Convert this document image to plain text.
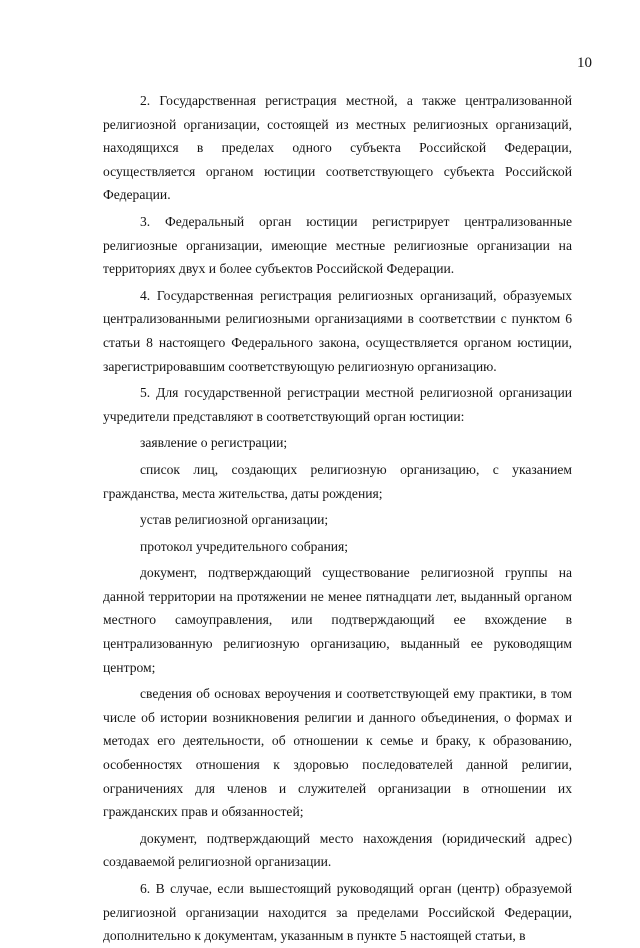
10

2. Государственная регистрация местной, а также централизованной религиозной организации, состоящей из местных религиозных организаций, находящихся в пределах одного субъекта Российской Федерации, осуществляется органом юстиции соответствующего субъекта Российской Федерации.

3. Федеральный орган юстиции регистрирует централизованные религиозные организации, имеющие местные религиозные организации на территориях двух и более субъектов Российской Федерации.

4. Государственная регистрация религиозных организаций, образуемых централизованными религиозными организациями в соответствии с пунктом 6 статьи 8 настоящего Федерального закона, осуществляется органом юстиции, зарегистрировавшим соответствующую религиозную организацию.

5. Для государственной регистрации местной религиозной организации учредители представляют в соответствующий орган юстиции:

заявление о регистрации;

список лиц, создающих религиозную организацию, с указанием гражданства, места жительства, даты рождения;

устав религиозной организации;

протокол учредительного собрания;

документ, подтверждающий существование религиозной группы на данной территории на протяжении не менее пятнадцати лет, выданный органом местного самоуправления, или подтверждающий ее вхождение в централизованную религиозную организацию, выданный ее руководящим центром;

сведения об основах вероучения и соответствующей ему практики, в том числе об истории возникновения религии и данного объединения, о формах и методах его деятельности, об отношении к семье и браку, к образованию, особенностях отношения к здоровью последователей данной религии, ограничениях для членов и служителей организации в отношении их гражданских прав и обязанностей;

документ, подтверждающий место нахождения (юридический адрес) создаваемой религиозной организации.

6. В случае, если вышестоящий руководящий орган (центр) образуемой религиозной организации находится за пределами Российской Федерации, дополнительно к документам, указанным в пункте 5 настоящей статьи, в
